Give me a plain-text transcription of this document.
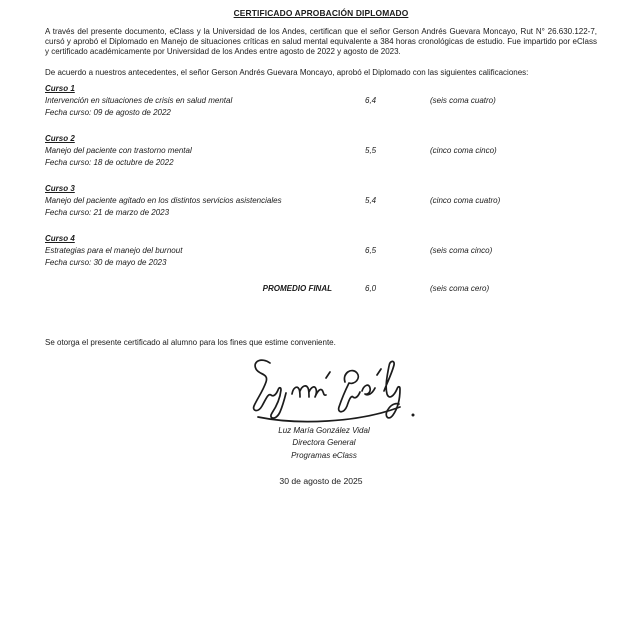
CERTIFICADO APROBACIÓN DIPLOMADO

A través del presente documento, eClass y la Universidad de los Andes, certifican que el señor Gerson Andrés Guevara Moncayo, Rut N° 26.630.122-7, cursó y aprobó el Diplomado en Manejo de situaciones críticas en salud mental equivalente a 384 horas cronológicas de estudio. Fue impartido por eClass y certificado académicamente por Universidad de los Andes entre agosto de 2022 y agosto de 2023.

De acuerdo a nuestros antecedentes, el señor Gerson Andrés Guevara Moncayo, aprobó el Diplomado con las siguientes calificaciones:

Curso 1
Intervención en situaciones de crisis en salud mental	6,4	(seis coma cuatro)
Fecha curso: 09 de agosto de 2022
Curso 2
Manejo del paciente con trastorno mental	5,5	(cinco coma cinco)
Fecha curso: 18 de octubre de 2022
Curso 3
Manejo del paciente agitado en los distintos servicios asistenciales	5,4	(cinco coma cuatro)
Fecha curso: 21 de marzo de 2023
Curso 4
Estrategias para el manejo del burnout	6,5	(seis coma cinco)
Fecha curso: 30 de mayo de 2023
PROMEDIO FINAL	6,0	(seis coma cero)

Se otorga el presente certificado al alumno para los fines que estime conveniente.

Luz María González Vidal
Directora General
Programas eClass
30 de agosto de 2025
